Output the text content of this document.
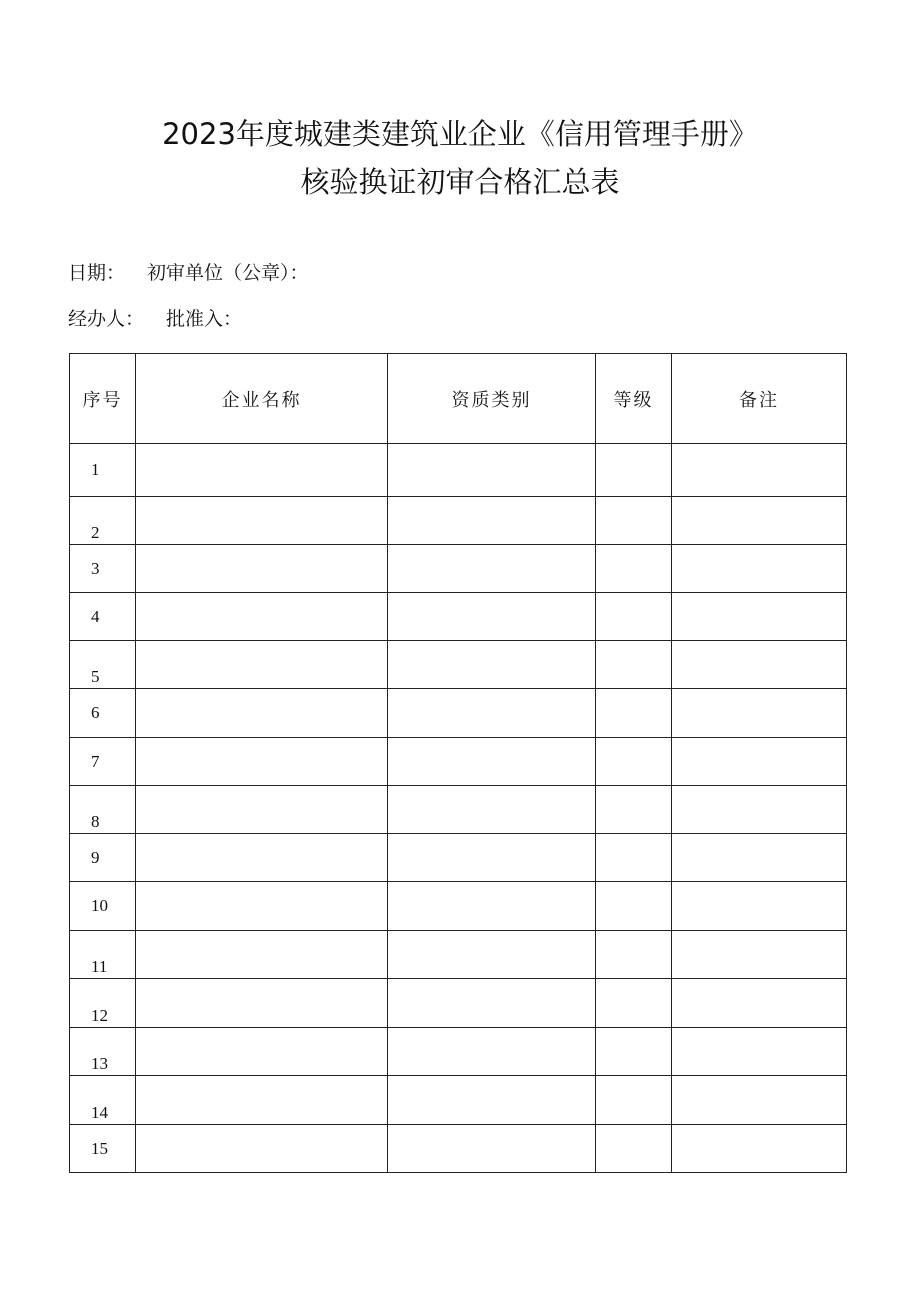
2023年度城建类建筑业企业《信用管理手册》
核验换证初审合格汇总表
日期： 初审单位（公章）：
经办人： 批准入：
序号	企业名称	资质类别	等级	备注
1				
2				
3				
4				
5				
6				
7				
8				
9				
10				
11				
12				
13				
14				
15				
